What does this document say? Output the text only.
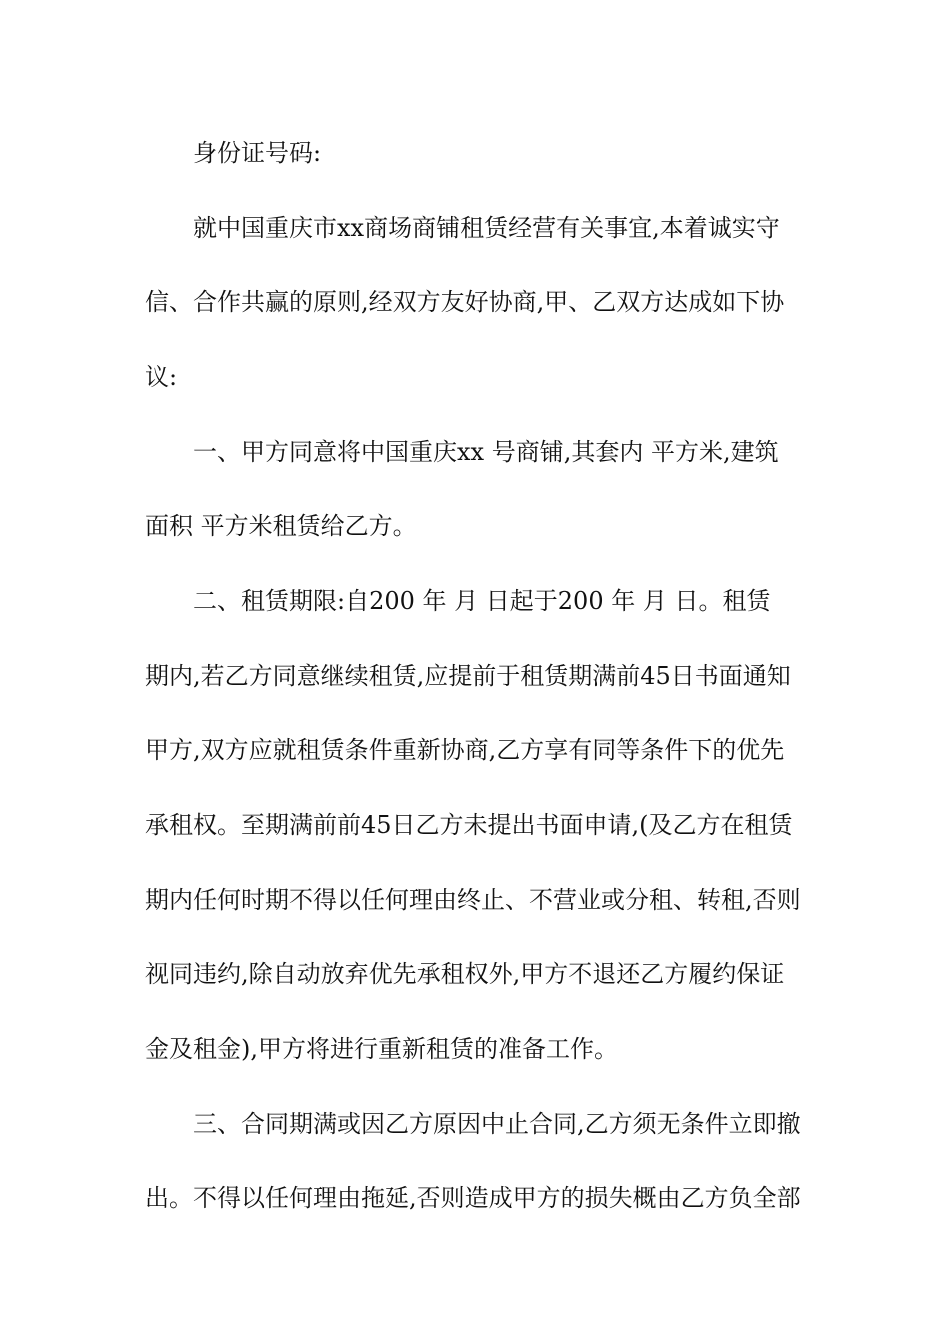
身份证号码:
就中国重庆市xx商场商铺租赁经营有关事宜,本着诚实守
信、合作共赢的原则,经双方友好协商,甲、乙双方达成如下协
议:
一、甲方同意将中国重庆xx 号商铺,其套内 平方米,建筑
面积 平方米租赁给乙方。
二、租赁期限:自200 年 月 日起于200 年 月 日。租赁
期内,若乙方同意继续租赁,应提前于租赁期满前45日书面通知
甲方,双方应就租赁条件重新协商,乙方享有同等条件下的优先
承租权。至期满前前45日乙方未提出书面申请,(及乙方在租赁
期内任何时期不得以任何理由终止、不营业或分租、转租,否则
视同违约,除自动放弃优先承租权外,甲方不退还乙方履约保证
金及租金),甲方将进行重新租赁的准备工作。
三、合同期满或因乙方原因中止合同,乙方须无条件立即撤
出。不得以任何理由拖延,否则造成甲方的损失概由乙方负全部
